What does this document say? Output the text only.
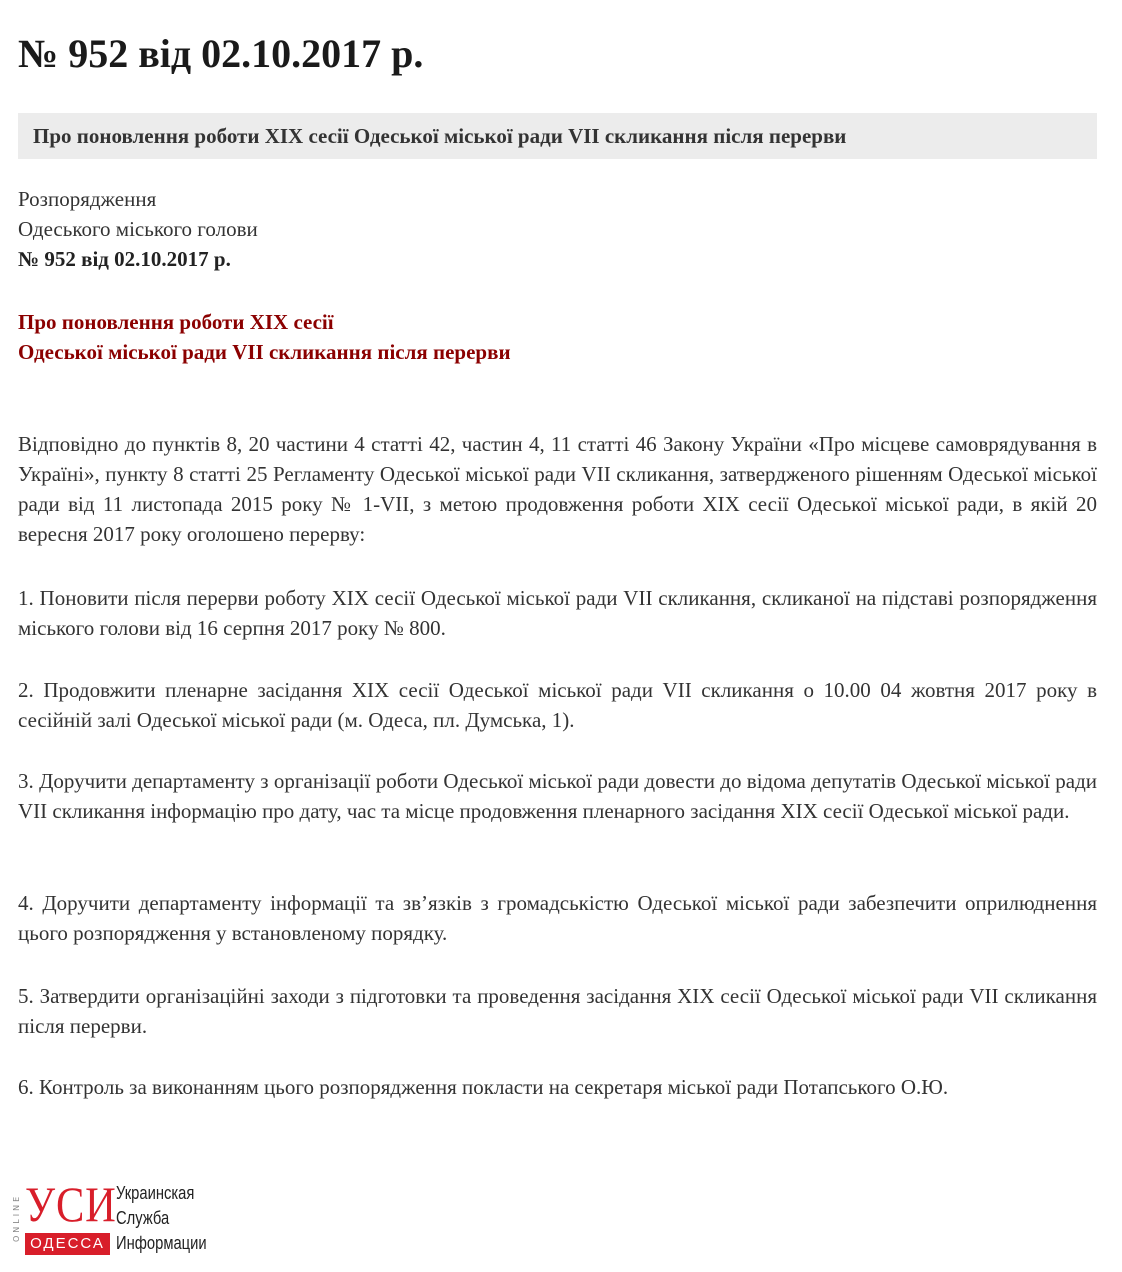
№ 952 від 02.10.2017 р.
Про поновлення роботи XIX сесії Одеської міської ради VII скликання після перерви
Розпорядження
Одеського міського голови
№ 952 від 02.10.2017 р.
Про поновлення роботи XIX сесії
Одеської міської ради VII скликання після перерви

Відповідно до пунктів 8, 20 частини 4 статті 42, частин 4, 11 статті 46 Закону України «Про місцеве самоврядування в Україні», пункту 8 статті 25 Регламенту Одеської міської ради VII скликання, затвердженого рішенням Одеської міської ради від 11 листопада 2015 року № 1-VII, з метою продовження роботи XIX сесії Одеської міської ради, в якій 20 вересня 2017 року оголошено перерву:

1. Поновити після перерви роботу XIX сесії Одеської міської ради VII скликання, скликаної на підставі розпорядження міського голови від 16 серпня 2017 року № 800.

2. Продовжити пленарне засідання XIX сесії Одеської міської ради VII скликання о 10.00 04 жовтня 2017 року в сесійній залі Одеської міської ради (м. Одеса, пл. Думська, 1).

3. Доручити департаменту з організації роботи Одеської міської ради довести до відома депутатів Одеської міської ради VII скликання інформацію про дату, час та місце продовження пленарного засідання XIX сесії Одеської міської ради.

4. Доручити департаменту інформації та зв’язків з громадськістю Одеської міської ради забезпечити оприлюднення цього розпорядження у встановленому порядку.

5. Затвердити організаційні заходи з підготовки та проведення засідання XIX сесії Одеської міської ради VII скликання після перерви.

6. Контроль за виконанням цього розпорядження покласти на секретаря міської ради Потапського О.Ю.

ONLINE УСИ
ОДЕССА
Украинская
Служба
Информации
